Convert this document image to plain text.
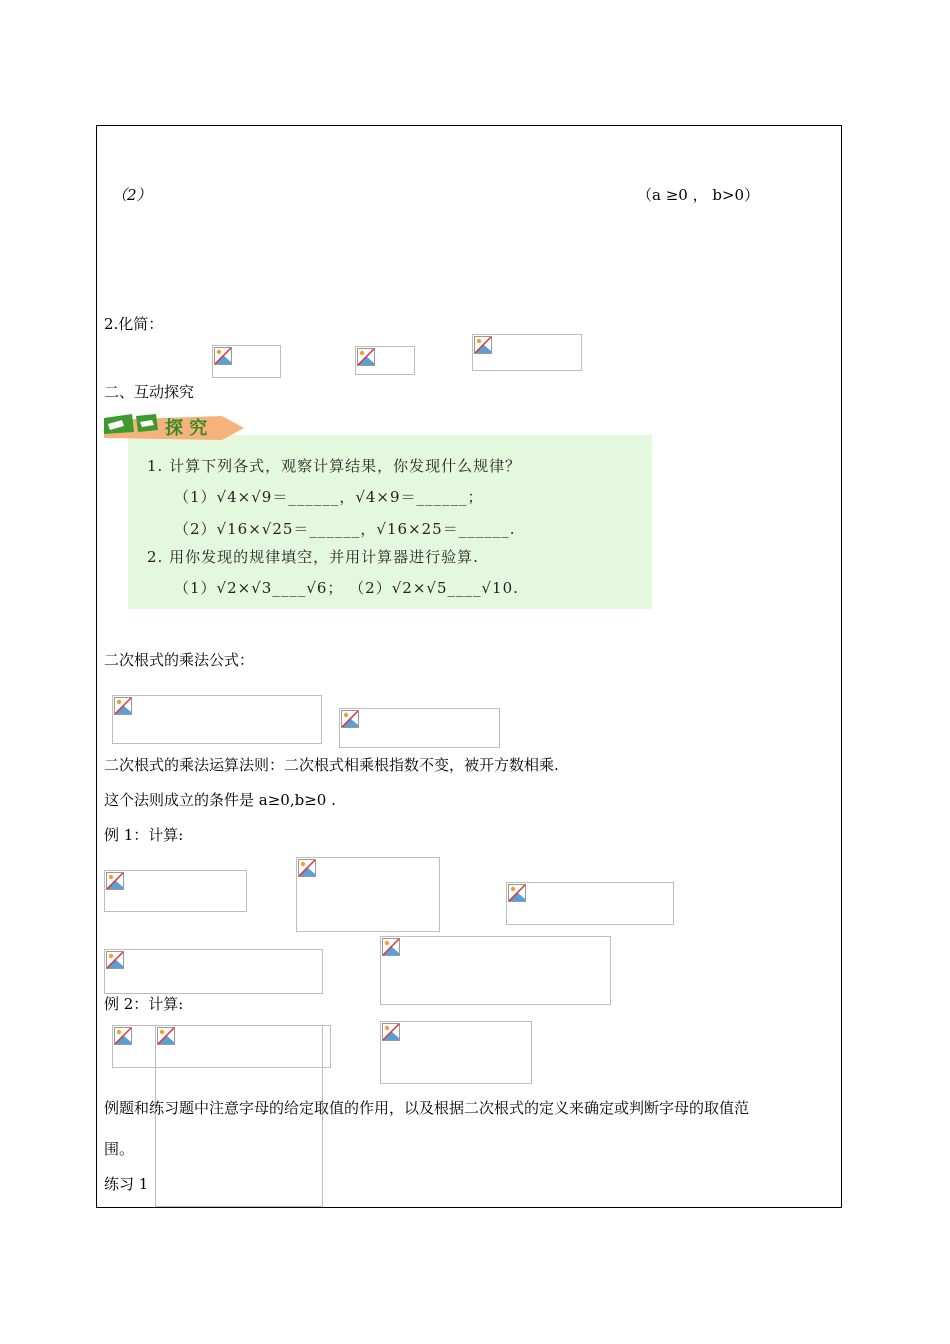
（2）	（a ≥0 ， b>0）
2.化简：
二、互动探究
探 究
1. 计算下列各式，观察计算结果，你发现什么规律？
（1）√4×√9＝______，√4×9＝______；
（2）√16×√25＝______，√16×25＝______.
2. 用你发现的规律填空，并用计算器进行验算.
（1）√2×√3____√6； （2）√2×√5____√10.
二次根式的乘法公式：
二次根式的乘法运算法则：二次根式相乘根指数不变，被开方数相乘.
这个法则成立的条件是 a≥0,b≥0 .
例 1：计算:
例 2：计算:
例题和练习题中注意字母的给定取值的作用，以及根据二次根式的定义来确定或判断字母的取值范
围。
练习 1
